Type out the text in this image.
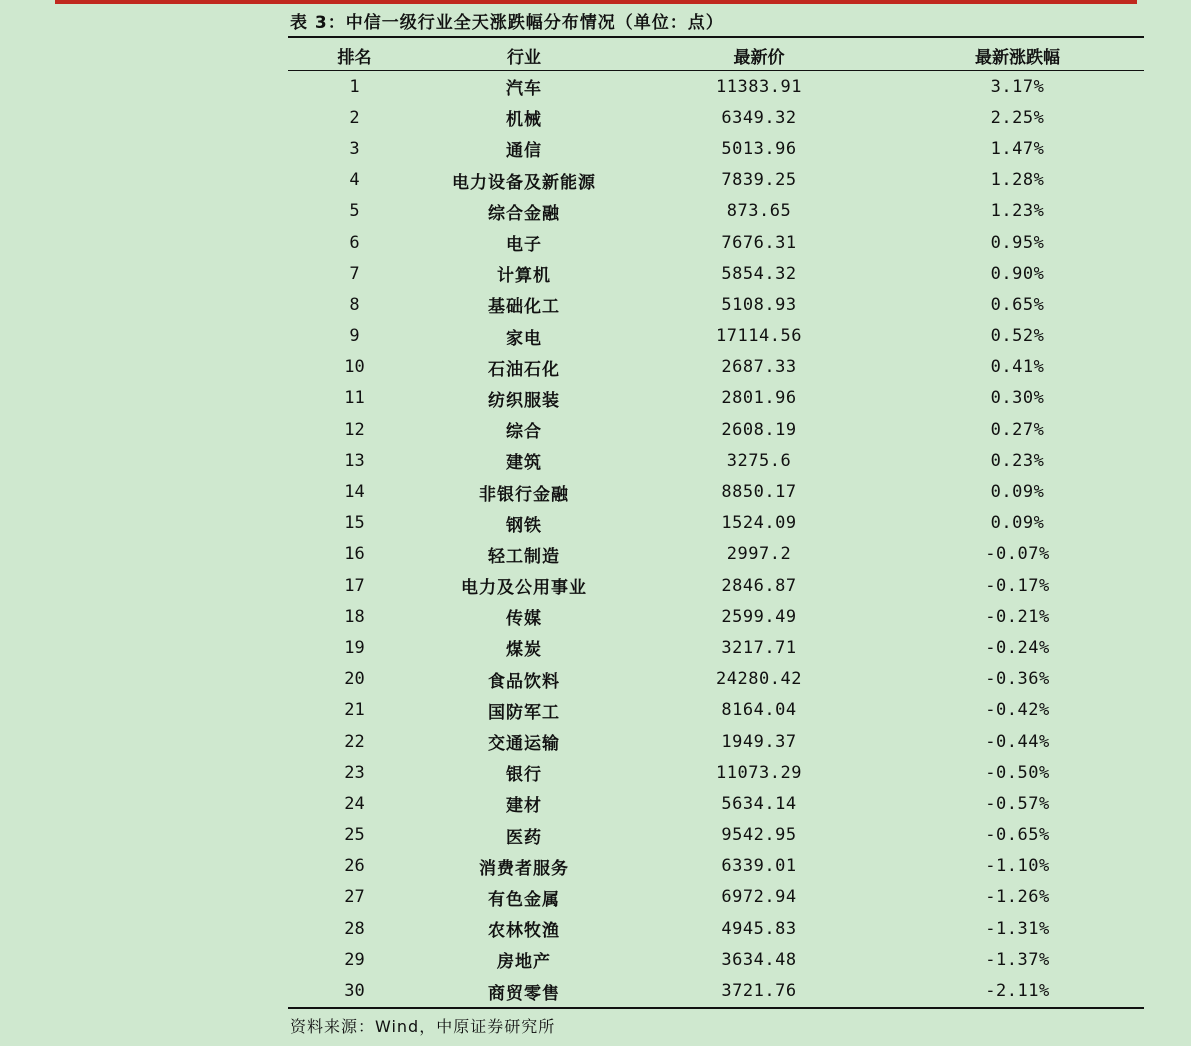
表 3：中信一级行业全天涨跌幅分布情况（单位：点）
排名	行业	最新价	最新涨跌幅
1	汽车	11383.91	3.17%
2	机械	6349.32	2.25%
3	通信	5013.96	1.47%
4	电力设备及新能源	7839.25	1.28%
5	综合金融	873.65	1.23%
6	电子	7676.31	0.95%
7	计算机	5854.32	0.90%
8	基础化工	5108.93	0.65%
9	家电	17114.56	0.52%
10	石油石化	2687.33	0.41%
11	纺织服装	2801.96	0.30%
12	综合	2608.19	0.27%
13	建筑	3275.6	0.23%
14	非银行金融	8850.17	0.09%
15	钢铁	1524.09	0.09%
16	轻工制造	2997.2	-0.07%
17	电力及公用事业	2846.87	-0.17%
18	传媒	2599.49	-0.21%
19	煤炭	3217.71	-0.24%
20	食品饮料	24280.42	-0.36%
21	国防军工	8164.04	-0.42%
22	交通运输	1949.37	-0.44%
23	银行	11073.29	-0.50%
24	建材	5634.14	-0.57%
25	医药	9542.95	-0.65%
26	消费者服务	6339.01	-1.10%
27	有色金属	6972.94	-1.26%
28	农林牧渔	4945.83	-1.31%
29	房地产	3634.48	-1.37%
30	商贸零售	3721.76	-2.11%
资料来源：Wind，中原证券研究所
